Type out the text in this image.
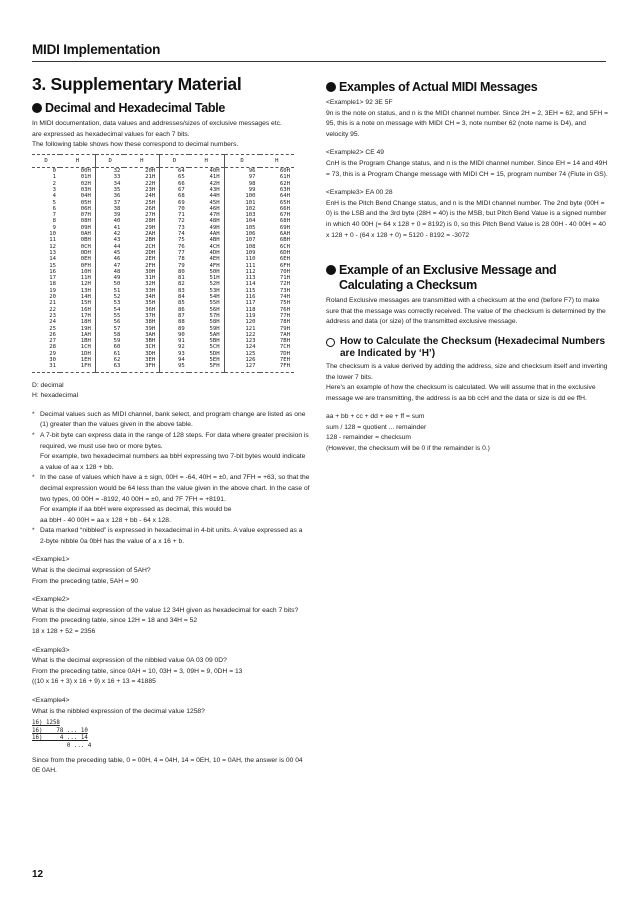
MIDI Implementation
3. Supplementary Material
Decimal and Hexadecimal Table

In MIDI documentation, data values and addresses/sizes of exclusive messages etc.

are expressed as hexadecimal values for each 7 bits.

The following table shows how these correspond to decimal numbers.

D	H	D	H	D	H	D	H
0	00H	32	20H	64	40H	96	60H
1	01H	33	21H	65	41H	97	61H
2	02H	34	22H	66	42H	98	62H
3	03H	35	23H	67	43H	99	63H
4	04H	36	24H	68	44H	100	64H
5	05H	37	25H	69	45H	101	65H
6	06H	38	26H	70	46H	102	66H
7	07H	39	27H	71	47H	103	67H
8	08H	40	28H	72	48H	104	68H
9	09H	41	29H	73	49H	105	69H
10	0AH	42	2AH	74	4AH	106	6AH
11	0BH	43	2BH	75	4BH	107	6BH
12	0CH	44	2CH	76	4CH	108	6CH
13	0DH	45	2DH	77	4DH	109	6DH
14	0EH	46	2EH	78	4EH	110	6EH
15	0FH	47	2FH	79	4FH	111	6FH
16	10H	48	30H	80	50H	112	70H
17	11H	49	31H	81	51H	113	71H
18	12H	50	32H	82	52H	114	72H
19	13H	51	33H	83	53H	115	73H
20	14H	52	34H	84	54H	116	74H
21	15H	53	35H	85	55H	117	75H
22	16H	54	36H	86	56H	118	76H
23	17H	55	37H	87	57H	119	77H
24	18H	56	38H	88	58H	120	78H
25	19H	57	39H	89	59H	121	79H
26	1AH	58	3AH	90	5AH	122	7AH
27	1BH	59	3BH	91	5BH	123	7BH
28	1CH	60	3CH	92	5CH	124	7CH
29	1DH	61	3DH	93	5DH	125	7DH
30	1EH	62	3EH	94	5EH	126	7EH
31	1FH	63	3FH	95	5FH	127	7FH

D: decimal

H: hexadecimal

* Decimal values such as MIDI channel, bank select, and program change are listed as one (1) greater than the values given in the above table.
* A 7-bit byte can express data in the range of 128 steps. For data where greater precision is required, we must use two or more bytes.
For example, two hexadecimal numbers aa bbH expressing two 7-bit bytes would indicate a value of aa x 128 + bb.
* In the case of values which have a ± sign, 00H = -64, 40H = ±0, and 7FH = +63, so that the decimal expression would be 64 less than the value given in the above chart. In the case of two types, 00 00H = -8192, 40 00H = ±0, and 7F 7FH = +8191.
For example if aa bbH were expressed as decimal, this would be
aa bbH - 40 00H = aa x 128 + bb - 64 x 128.
* Data marked “nibbled” is expressed in hexadecimal in 4-bit units. A value expressed as a 2-byte nibble 0a 0bH has the value of a x 16 + b.

<Example1>

What is the decimal expression of 5AH?

From the preceding table, 5AH = 90

<Example2>

What is the decimal expression of the value 12 34H given as hexadecimal for each 7 bits?

From the preceding table, since 12H = 18 and 34H = 52

18 x 128 + 52 = 2356

<Example3>

What is the decimal expression of the nibbled value 0A 03 09 0D?

From the preceding table, since 0AH = 10, 03H = 3, 09H = 9, 0DH = 13

((10 x 16 + 3) x 16 + 9) x 16 + 13 = 41885

<Example4>

What is the nibbled expression of the decimal value 1258?

16) 1258
16)    78 ... 10
16)     4 ... 14
0 ... 4

Since from the preceding table, 0 = 00H, 4 = 04H, 14 = 0EH, 10 = 0AH, the answer is 00 04 0E 0AH.

Examples of Actual MIDI Messages

<Example1> 92 3E 5F

9n is the note on status, and n is the MIDI channel number. Since 2H = 2, 3EH = 62, and 5FH = 95, this is a note on message with MIDI CH = 3, note number 62 (note name is D4), and velocity 95.

<Example2> CE 49

CnH is the Program Change status, and n is the MIDI channel number. Since EH = 14 and 49H = 73, this is a Program Change message with MIDI CH = 15, program number 74 (Flute in GS).

<Example3> EA 00 28

EnH is the Pitch Bend Change status, and n is the MIDI channel number. The 2nd byte (00H = 0) is the LSB and the 3rd byte (28H = 40) is the MSB, but Pitch Bend Value is a signed number in which 40 00H (= 64 x 128 + 0 = 8192) is 0, so this Pitch Bend Value is 28 00H - 40 00H = 40 x 128 + 0 - (64 x 128 + 0) = 5120 - 8192 = -3072

Example of an Exclusive Message and Calculating a Checksum

Roland Exclusive messages are transmitted with a checksum at the end (before F7) to make sure that the message was correctly received. The value of the checksum is determined by the address and data (or size) of the transmitted exclusive message.

How to Calculate the Checksum (Hexadecimal Numbers are Indicated by ‘H’)

The checksum is a value derived by adding the address, size and checksum itself and inverting the lower 7 bits.

Here’s an example of how the checksum is calculated. We will assume that in the exclusive message we are transmitting, the address is aa bb ccH and the data or size is dd ee ffH.

aa + bb + cc + dd + ee + ff = sum

sum / 128 = quotient ... remainder

128 - remainder = checksum

(However, the checksum will be 0 if the remainder is 0.)

12
